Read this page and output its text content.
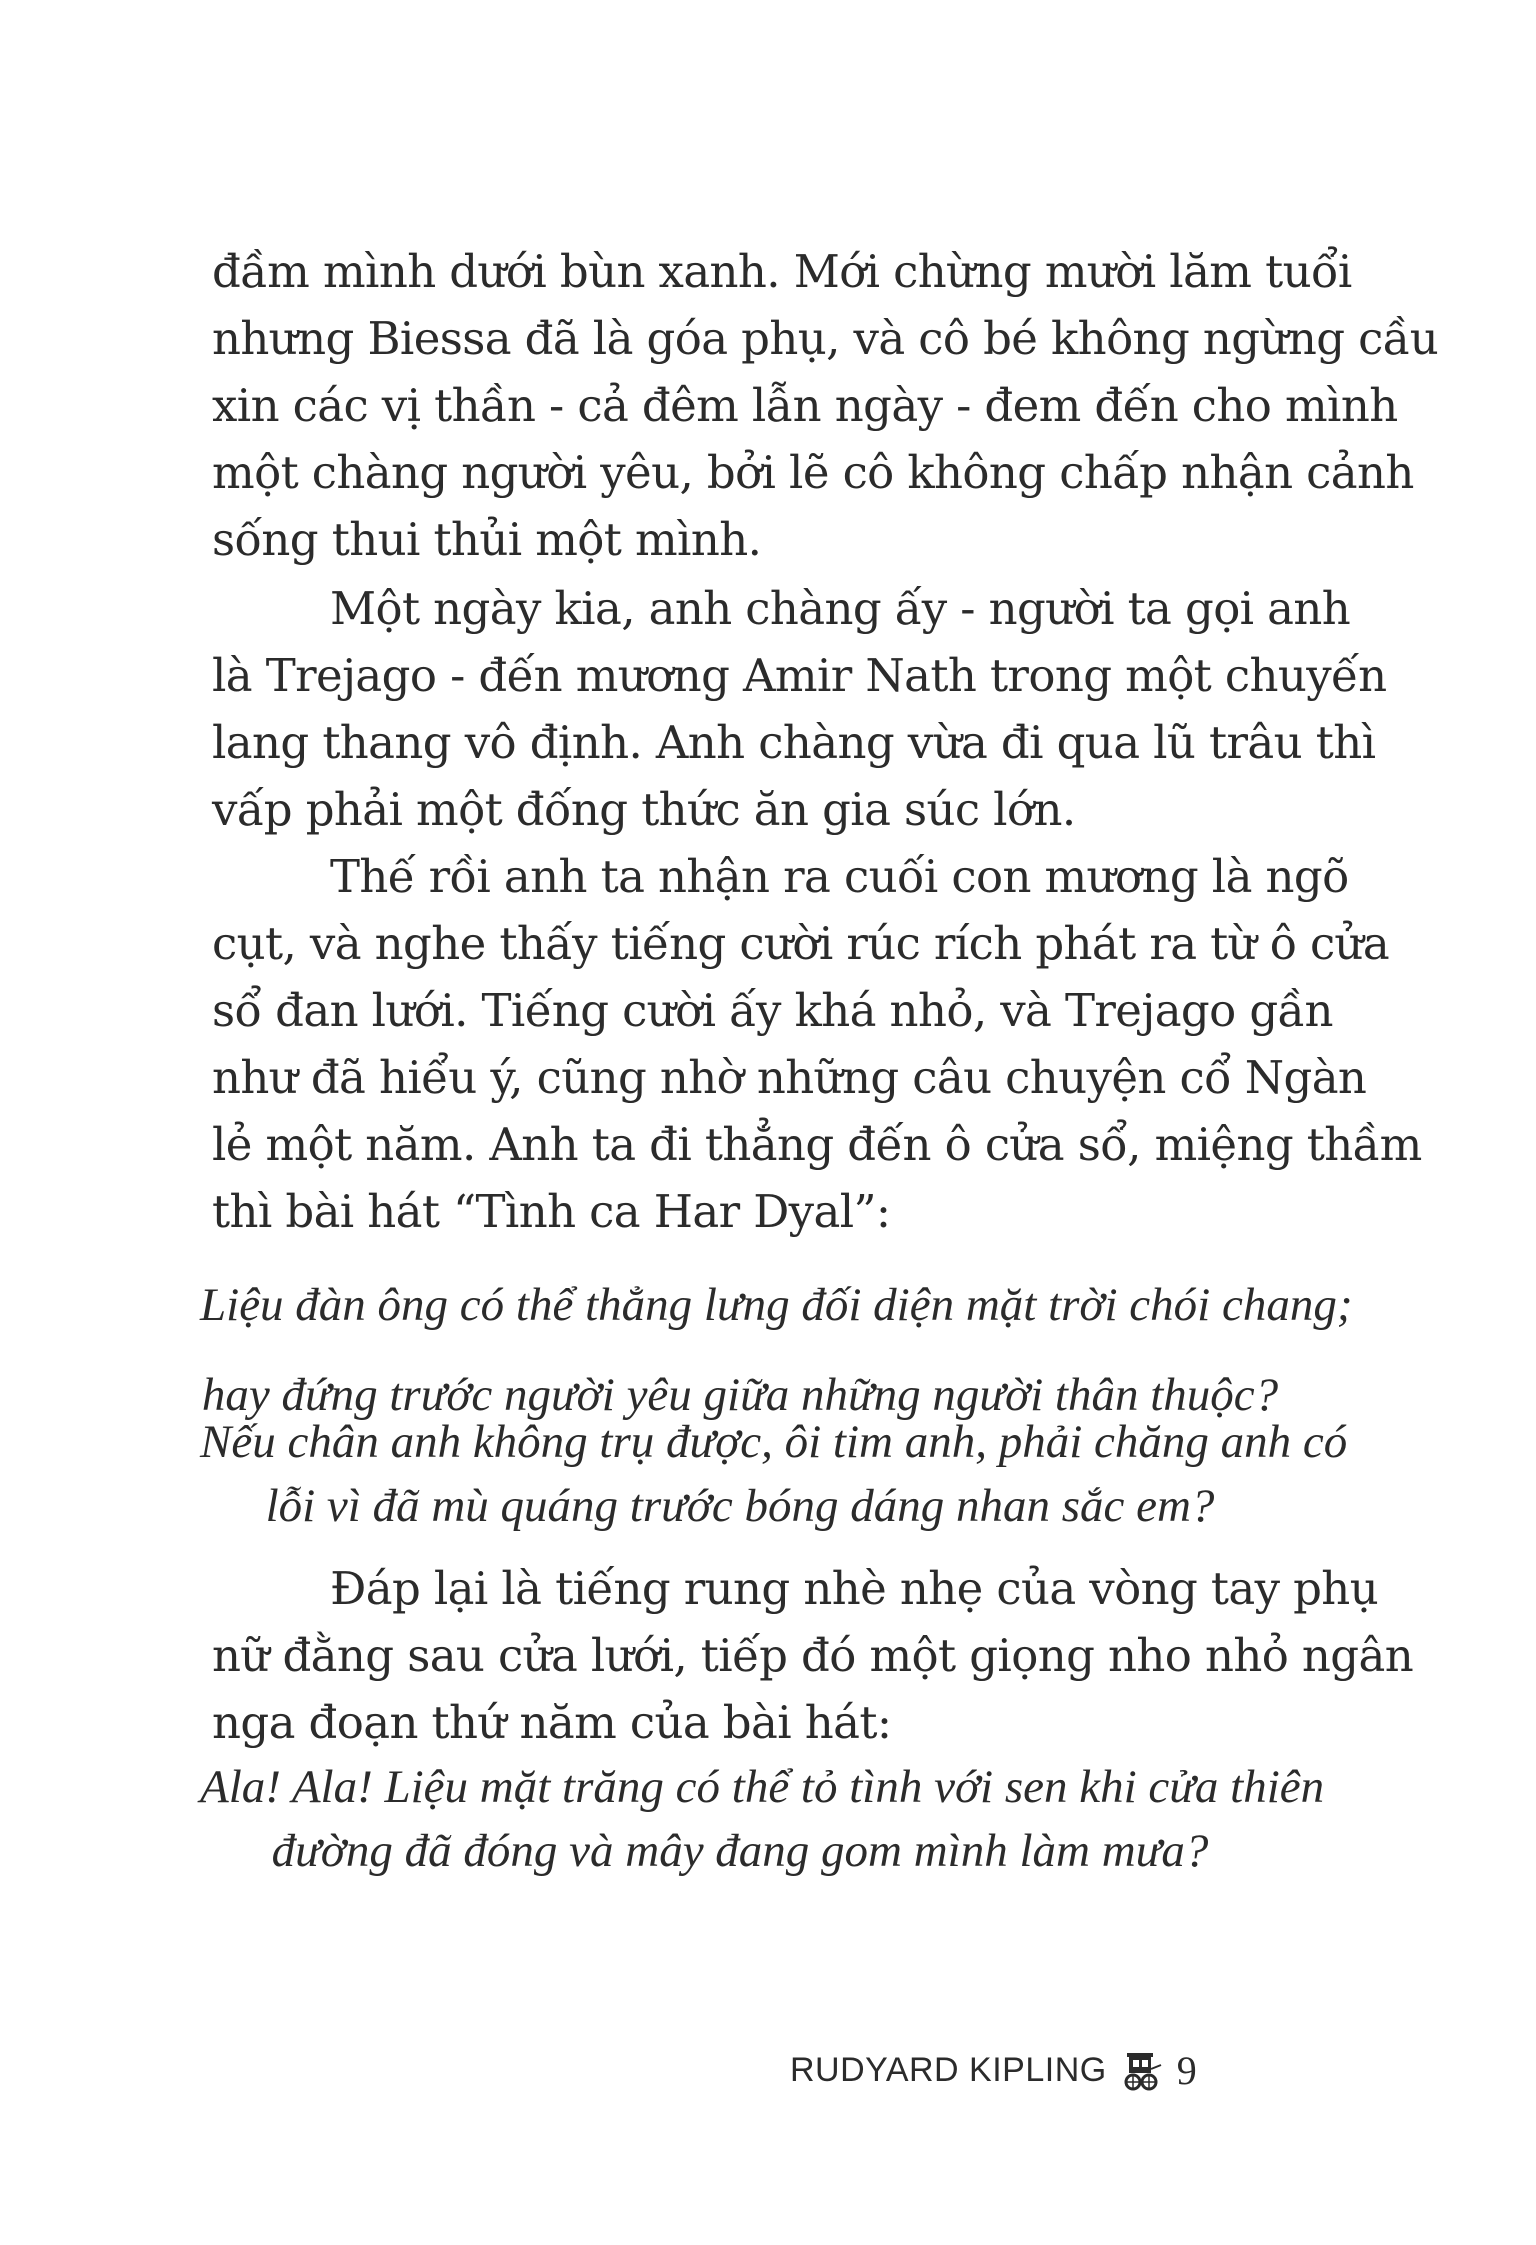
đầm mình dưới bùn xanh. Mới chừng mười lăm tuổi
nhưng Biessa đã là góa phụ, và cô bé không ngừng cầu
xin các vị thần - cả đêm lẫn ngày - đem đến cho mình
một chàng người yêu, bởi lẽ cô không chấp nhận cảnh
sống thui thủi một mình.
Một ngày kia, anh chàng ấy - người ta gọi anh
là Trejago - đến mương Amir Nath trong một chuyến
lang thang vô định. Anh chàng vừa đi qua lũ trâu thì
vấp phải một đống thức ăn gia súc lớn.
Thế rồi anh ta nhận ra cuối con mương là ngõ
cụt, và nghe thấy tiếng cười rúc rích phát ra từ ô cửa
sổ đan lưới. Tiếng cười ấy khá nhỏ, và Trejago gần
như đã hiểu ý, cũng nhờ những câu chuyện cổ Ngàn
lẻ một năm. Anh ta đi thẳng đến ô cửa sổ, miệng thầm
thì bài hát “Tình ca Har Dyal”:
Liệu đàn ông có thể thẳng lưng đối diện mặt trời chói chang;
hay đứng trước người yêu giữa những người thân thuộc?
Nếu chân anh không trụ được, ôi tim anh, phải chăng anh có
lỗi vì đã mù quáng trước bóng dáng nhan sắc em?
Đáp lại là tiếng rung nhè nhẹ của vòng tay phụ
nữ đằng sau cửa lưới, tiếp đó một giọng nho nhỏ ngân
nga đoạn thứ năm của bài hát:
Ala! Ala! Liệu mặt trăng có thể tỏ tình với sen khi cửa thiên
đường đã đóng và mây đang gom mình làm mưa?
RUDYARD KIPLING 9
